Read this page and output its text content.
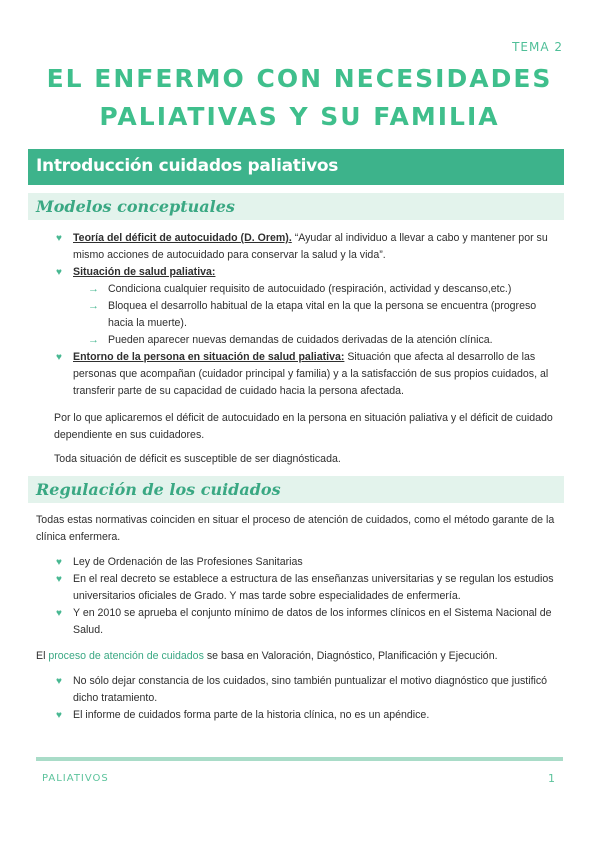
TEMA 2
EL ENFERMO CON NECESIDADES
PALIATIVAS Y SU FAMILIA
Introducción cuidados paliativos
Modelos conceptuales
♥ Teoría del déficit de autocuidado (D. Orem). “Ayudar al individuo a llevar a cabo y mantener por su mismo acciones de autocuidado para conservar la salud y la vida”.
♥ Situación de salud paliativa:
→ Condiciona cualquier requisito de autocuidado (respiración, actividad y descanso,etc.)
→ Bloquea el desarrollo habitual de la etapa vital en la que la persona se encuentra (progreso hacia la muerte).
→ Pueden aparecer nuevas demandas de cuidados derivadas de la atención clínica.
♥ Entorno de la persona en situación de salud paliativa: Situación que afecta al desarrollo de las personas que acompañan (cuidador principal y familia) y a la satisfacción de sus propios cuidados, al transferir parte de su capacidad de cuidado hacia la persona afectada.

Por lo que aplicaremos el déficit de autocuidado en la persona en situación paliativa y el déficit de cuidado dependiente en sus cuidadores.

Toda situación de déficit es susceptible de ser diagnósticada.

Regulación de los cuidados

Todas estas normativas coinciden en situar el proceso de atención de cuidados, como el método garante de la clínica enfermera.

♥ Ley de Ordenación de las Profesiones Sanitarias
♥ En el real decreto se establece a estructura de las enseñanzas universitarias y se regulan los estudios universitarios oficiales de Grado. Y mas tarde sobre especialidades de enfermería.
♥ Y en 2010 se aprueba el conjunto mínimo de datos de los informes clínicos en el Sistema Nacional de Salud.

El proceso de atención de cuidados se basa en Valoración, Diagnóstico, Planificación y Ejecución.

♥ No sólo dejar constancia de los cuidados, sino también puntualizar el motivo diagnóstico que justificó dicho tratamiento.
♥ El informe de cuidados forma parte de la historia clínica, no es un apéndice.
PALIATIVOS	1
